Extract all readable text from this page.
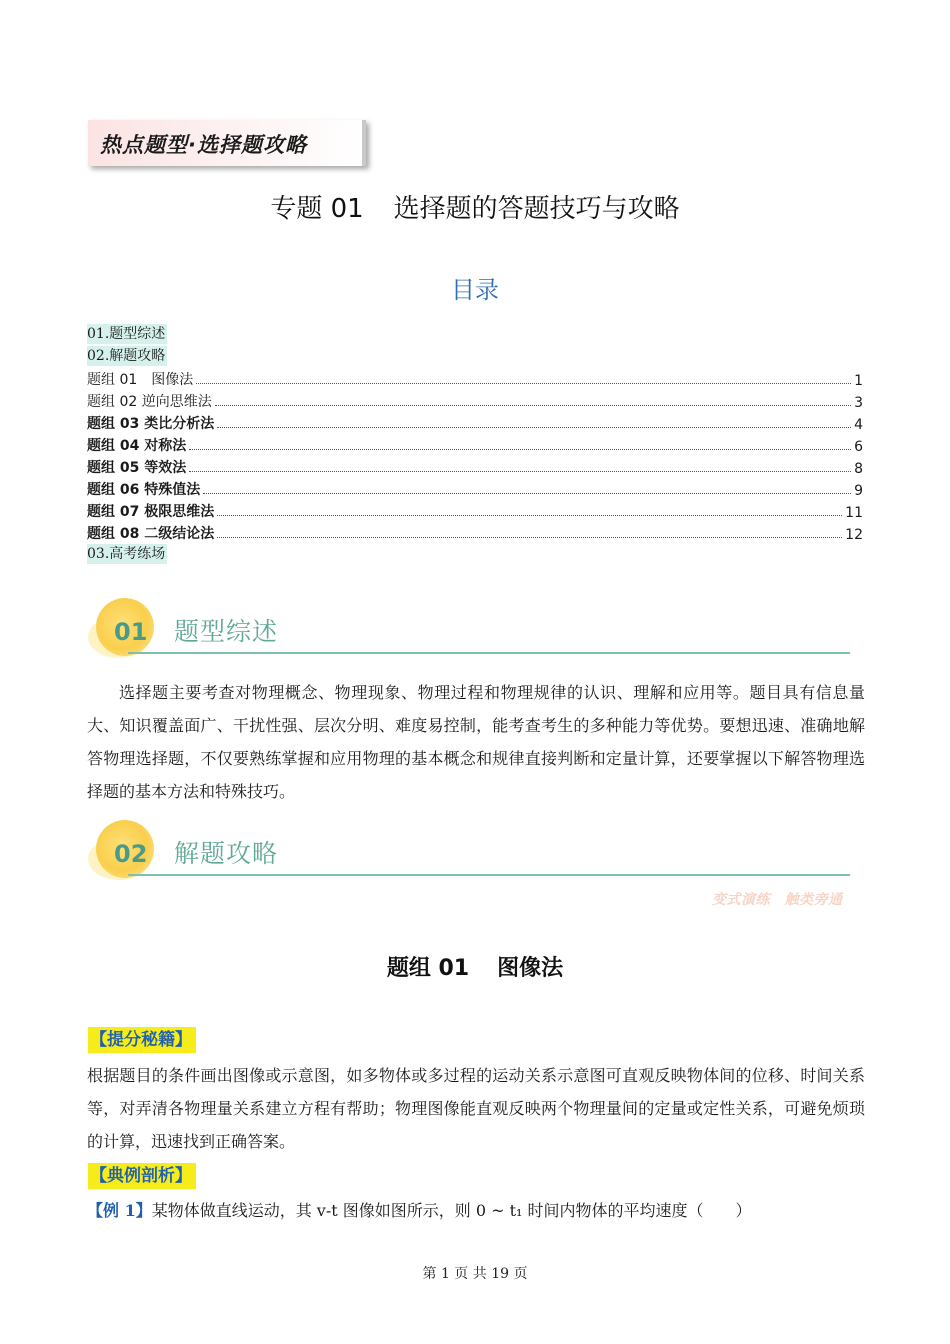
热点题型·选择题攻略
专题 01 选择题的答题技巧与攻略
目录
01.题型综述
02.解题攻略
题组 01　图像法	1
题组 02 逆向思维法	3
题组 03 类比分析法	4
题组 04 对称法	6
题组 05 等效法	8
题组 06 特殊值法	9
题组 07 极限思维法	11
题组 08 二级结论法	12
03.高考练场
01 题型综述
选择题主要考查对物理概念、物理现象、物理过程和物理规律的认识、理解和应用等。题目具有信息量大、知识覆盖面广、干扰性强、层次分明、难度易控制，能考查考生的多种能力等优势。要想迅速、准确地解答物理选择题，不仅要熟练掌握和应用物理的基本概念和规律直接判断和定量计算，还要掌握以下解答物理选择题的基本方法和特殊技巧。
02 解题攻略
变式演练　触类旁通
题组 01 图像法
【提分秘籍】
根据题目的条件画出图像或示意图，如多物体或多过程的运动关系示意图可直观反映物体间的位移、时间关系等，对弄清各物理量关系建立方程有帮助；物理图像能直观反映两个物理量间的定量或定性关系，可避免烦琐的计算，迅速找到正确答案。
【典例剖析】
【例 1】某物体做直线运动，其 v-t 图像如图所示，则 0 ~ t₁ 时间内物体的平均速度（　　）
第 1 页 共 19 页
